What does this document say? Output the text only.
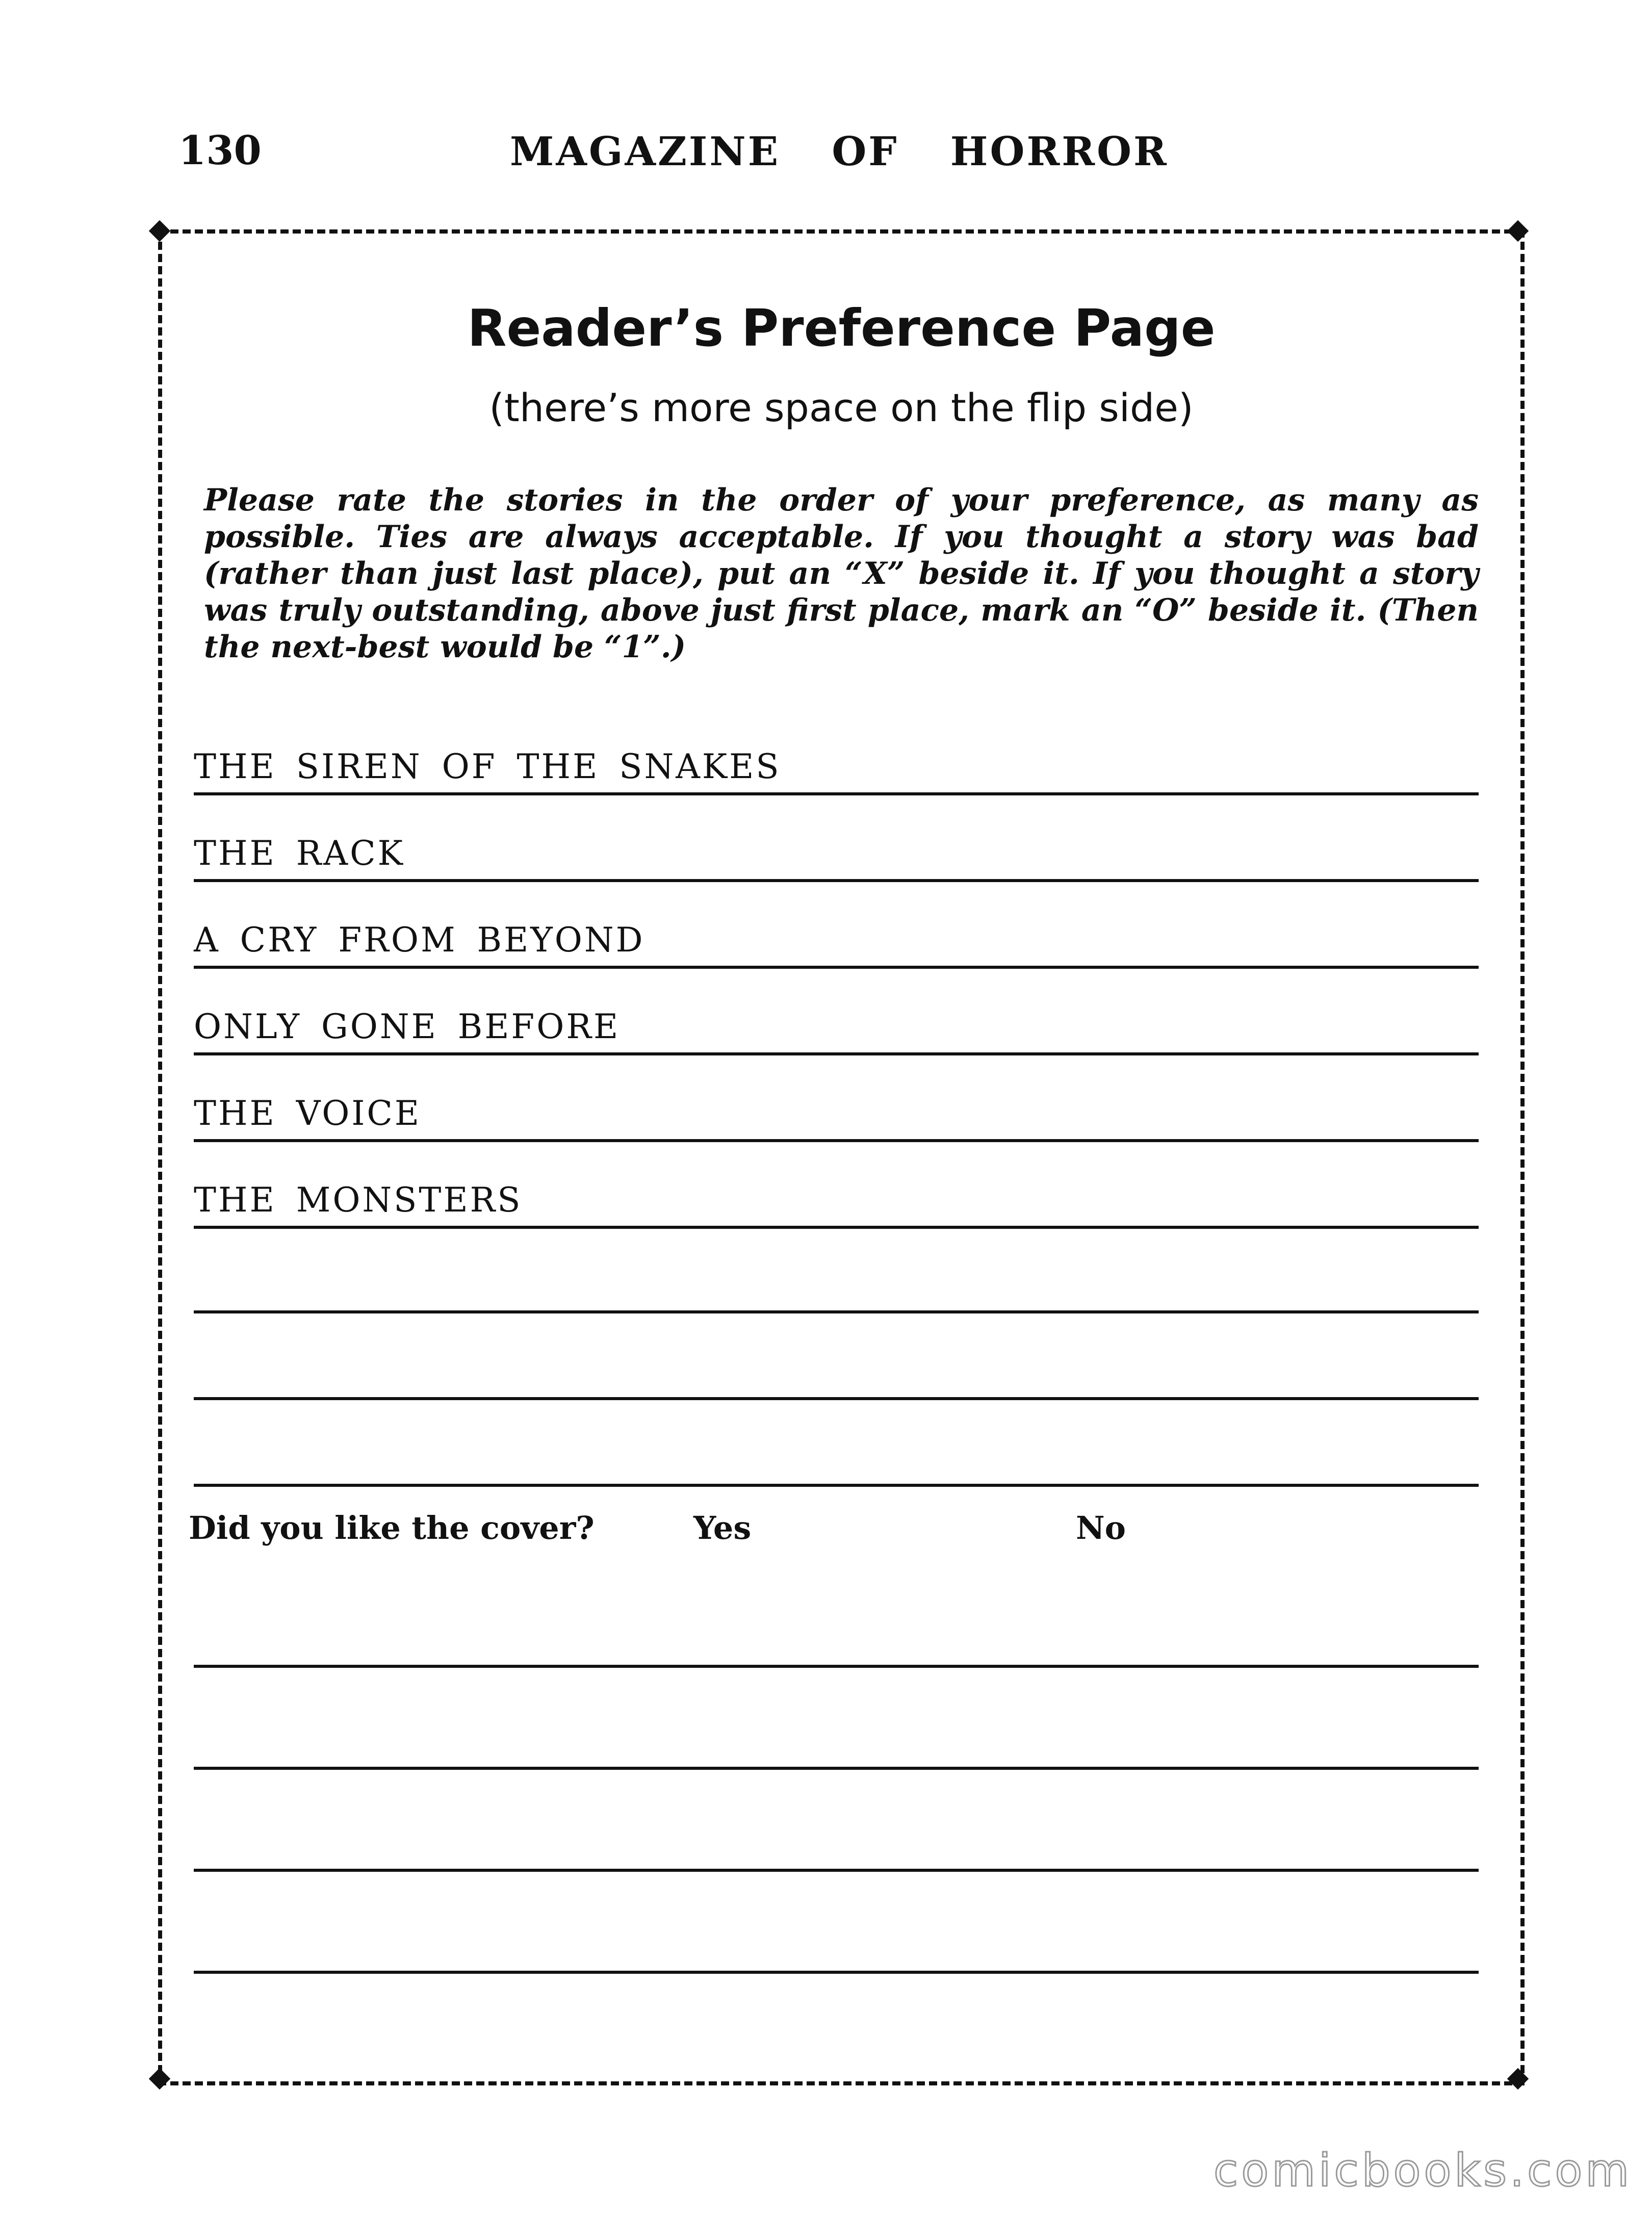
130	MAGAZINE OF HORROR
Reader’s Preference Page
(there’s more space on the flip side)
Please rate the stories in the order of your preference, as many as possible. Ties are always acceptable. If you thought a story was bad (rather than just last place), put an “X” beside it. If you thought a story was truly outstanding, above just first place, mark an “O” beside it. (Then the next-best would be “1”.)
THE SIREN OF THE SNAKES
THE RACK
A CRY FROM BEYOND
ONLY GONE BEFORE
THE VOICE
THE MONSTERS
Did you like the cover?	Yes	No
comicbooks.com
